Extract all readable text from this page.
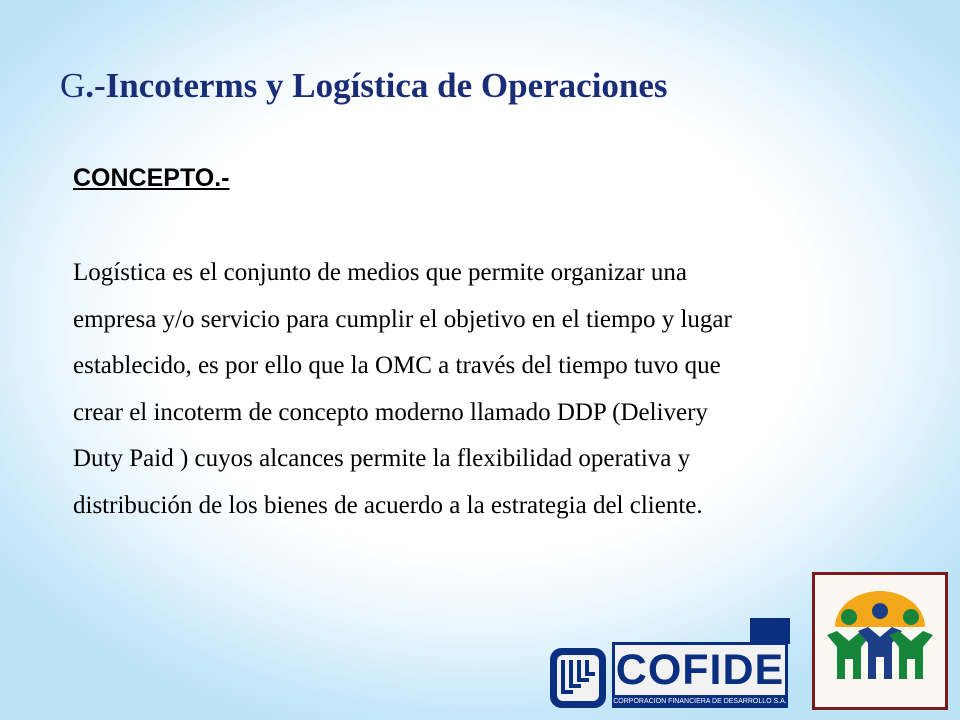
G.-Incoterms y Logística de Operaciones
CONCEPTO.-
Logística es el conjunto de medios que permite organizar una
empresa y/o servicio para cumplir el objetivo en el tiempo y lugar
establecido, es por ello que la OMC a través del tiempo tuvo que
crear el incoterm de concepto moderno llamado DDP (Delivery
Duty Paid ) cuyos alcances permite la flexibilidad operativa y
distribución de los bienes de acuerdo a la estrategia del cliente.
COFIDE
CORPORACION FINANCIERA DE DESARROLLO S.A.
